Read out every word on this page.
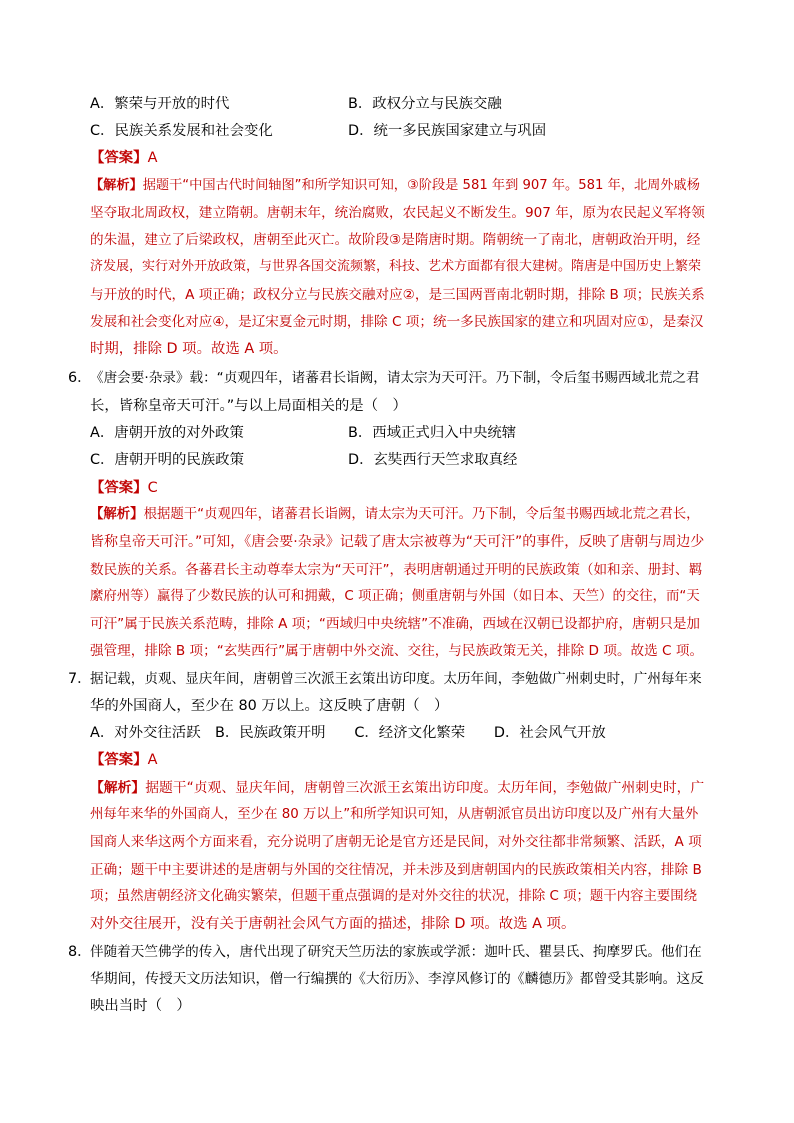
A．繁荣与开放的时代	B．政权分立与民族交融
C．民族关系发展和社会变化	D．统一多民族国家建立与巩固
【答案】A
【解析】据题干“中国古代时间轴图”和所学知识可知，③阶段是 581 年到 907 年。581 年，北周外戚杨
坚夺取北周政权，建立隋朝。唐朝末年，统治腐败，农民起义不断发生。907 年，原为农民起义军将领
的朱温，建立了后梁政权，唐朝至此灭亡。故阶段③是隋唐时期。隋朝统一了南北，唐朝政治开明，经
济发展，实行对外开放政策，与世界各国交流频繁，科技、艺术方面都有很大建树。隋唐是中国历史上繁荣
与开放的时代，A 项正确；政权分立与民族交融对应②，是三国两晋南北朝时期，排除 B 项；民族关系
发展和社会变化对应④，是辽宋夏金元时期，排除 C 项；统一多民族国家的建立和巩固对应①，是秦汉
时期，排除 D 项。故选 A 项。
6．
《唐会要·杂录》载：“贞观四年，诸蕃君长诣阙，请太宗为天可汗。乃下制，令后玺书赐西域北荒之君
长，皆称皇帝天可汗。”与以上局面相关的是（　）
A．唐朝开放的对外政策	B．西域正式归入中央统辖
C．唐朝开明的民族政策	D．玄奘西行天竺求取真经
【答案】C
【解析】根据题干“贞观四年，诸蕃君长诣阙，请太宗为天可汗。乃下制，令后玺书赐西域北荒之君长，
皆称皇帝天可汗。”可知，《唐会要·杂录》记载了唐太宗被尊为“天可汗”的事件，反映了唐朝与周边少
数民族的关系。各蕃君长主动尊奉太宗为“天可汗”，表明唐朝通过开明的民族政策（如和亲、册封、羁
縻府州等）赢得了少数民族的认可和拥戴，C 项正确；侧重唐朝与外国（如日本、天竺）的交往，而“天
可汗”属于民族关系范畴，排除 A 项；“西域归中央统辖”不准确，西域在汉朝已设都护府，唐朝只是加
强管理，排除 B 项；“玄奘西行”属于唐朝中外交流、交往，与民族政策无关，排除 D 项。故选 C 项。
7．
据记载，贞观、显庆年间，唐朝曾三次派王玄策出访印度。太历年间，李勉做广州刺史时，广州每年来
华的外国商人，至少在 80 万以上。这反映了唐朝（　）
A．对外交往活跃　B．民族政策开明　　C．经济文化繁荣　　D．社会风气开放
【答案】A
【解析】据题干“贞观、显庆年间，唐朝曾三次派王玄策出访印度。太历年间，李勉做广州刺史时，广
州每年来华的外国商人，至少在 80 万以上”和所学知识可知，从唐朝派官员出访印度以及广州有大量外
国商人来华这两个方面来看，充分说明了唐朝无论是官方还是民间，对外交往都非常频繁、活跃，A 项
正确；题干中主要讲述的是唐朝与外国的交往情况，并未涉及到唐朝国内的民族政策相关内容，排除 B
项；虽然唐朝经济文化确实繁荣，但题干重点强调的是对外交往的状况，排除 C 项；题干内容主要围绕
对外交往展开，没有关于唐朝社会风气方面的描述，排除 D 项。故选 A 项。
8．
伴随着天竺佛学的传入，唐代出现了研究天竺历法的家族或学派：迦叶氏、瞿昙氏、拘摩罗氏。他们在
华期间，传授天文历法知识，僧一行编撰的《大衍历》、李淳风修订的《麟德历》都曾受其影响。这反
映出当时（　）
